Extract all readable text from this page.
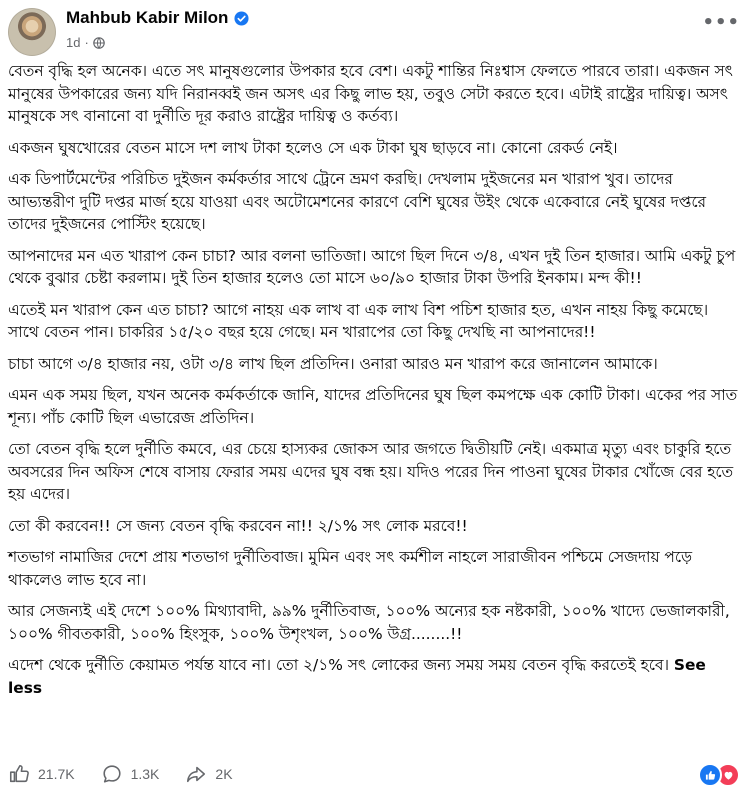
Mahbub Kabir Milon
1d ·
•••

বেতন বৃদ্ধি হল অনেক। এতে সৎ মানুষগুলোর উপকার হবে বেশ। একটু শান্তির নিঃশ্বাস ফেলতে পারবে তারা। একজন সৎ মানুষের উপকারের জন্য যদি নিরানব্বই জন অসৎ এর কিছু লাভ হয়, তবুও সেটা করতে হবে। এটাই রাষ্ট্রের দায়িত্ব। অসৎ মানুষকে সৎ বানানো বা দুর্নীতি দূর করাও রাষ্ট্রের দায়িত্ব ও কর্তব্য।

একজন ঘুষখোরের বেতন মাসে দশ লাখ টাকা হলেও সে এক টাকা ঘুষ ছাড়বে না। কোনো রেকর্ড নেই।

এক ডিপার্টমেন্টের পরিচিত দুইজন কর্মকর্তার সাথে ট্রেনে ভ্রমণ করছি। দেখলাম দুইজনের মন খারাপ খুব। তাদের আভ্যন্তরীণ দুটি দপ্তর মার্জ হয়ে যাওয়া এবং অটোমেশনের কারণে বেশি ঘুষের উইং থেকে একেবারে নেই ঘুষের দপ্তরে তাদের দুইজনের পোস্টিং হয়েছে।

আপনাদের মন এত খারাপ কেন চাচা? আর বলনা ভাতিজা। আগে ছিল দিনে ৩/৪, এখন দুই তিন হাজার। আমি একটু চুপ থেকে বুঝার চেষ্টা করলাম। দুই তিন হাজার হলেও তো মাসে ৬০/৯০ হাজার টাকা উপরি ইনকাম। মন্দ কী!!

এতেই মন খারাপ কেন এত চাচা? আগে নাহয় এক লাখ বা এক লাখ বিশ পচিশ হাজার হত, এখন নাহয় কিছু কমেছে। সাথে বেতন পান। চাকরির ১৫/২০ বছর হয়ে গেছে। মন খারাপের তো কিছু দেখছি না আপনাদের!!

চাচা আগে ৩/৪ হাজার নয়, ওটা ৩/৪ লাখ ছিল প্রতিদিন। ওনারা আরও মন খারাপ করে জানালেন আমাকে।

এমন এক সময় ছিল, যখন অনেক কর্মকর্তাকে জানি, যাদের প্রতিদিনের ঘুষ ছিল কমপক্ষে এক কোটি টাকা। একের পর সাত শূন্য। পাঁচ কোটি ছিল এভারেজ প্রতিদিন।

তো বেতন বৃদ্ধি হলে দুর্নীতি কমবে, এর চেয়ে হাস্যকর জোকস আর জগতে দ্বিতীয়টি নেই। একমাত্র মৃত্যু এবং চাকুরি হতে অবসরের দিন অফিস শেষে বাসায় ফেরার সময় এদের ঘুষ বন্ধ হয়। যদিও পরের দিন পাওনা ঘুষের টাকার খোঁজে বের হতে হয় এদের।

তো কী করবেন!! সে জন্য বেতন বৃদ্ধি করবেন না!! ২/১% সৎ লোক মরবে!!

শতভাগ নামাজির দেশে প্রায় শতভাগ দুর্নীতিবাজ। মুমিন এবং সৎ কর্মশীল নাহলে সারাজীবন পশ্চিমে সেজদায় পড়ে থাকলেও লাভ হবে না।

আর সেজন্যই এই দেশে ১০০% মিথ্যাবাদী, ৯৯% দুর্নীতিবাজ, ১০০% অন্যের হক নষ্টকারী, ১০০% খাদ্যে ভেজালকারী, ১০০% গীবতকারী, ১০০% হিংসুক, ১০০% উশৃংখল, ১০০% উগ্র........!!

এদেশ থেকে দুর্নীতি কেয়ামত পর্যন্ত যাবে না। তো ২/১% সৎ লোকের জন্য সময় সময় বেতন বৃদ্ধি করতেই হবে। See less

21.7K	1.3K	2K
